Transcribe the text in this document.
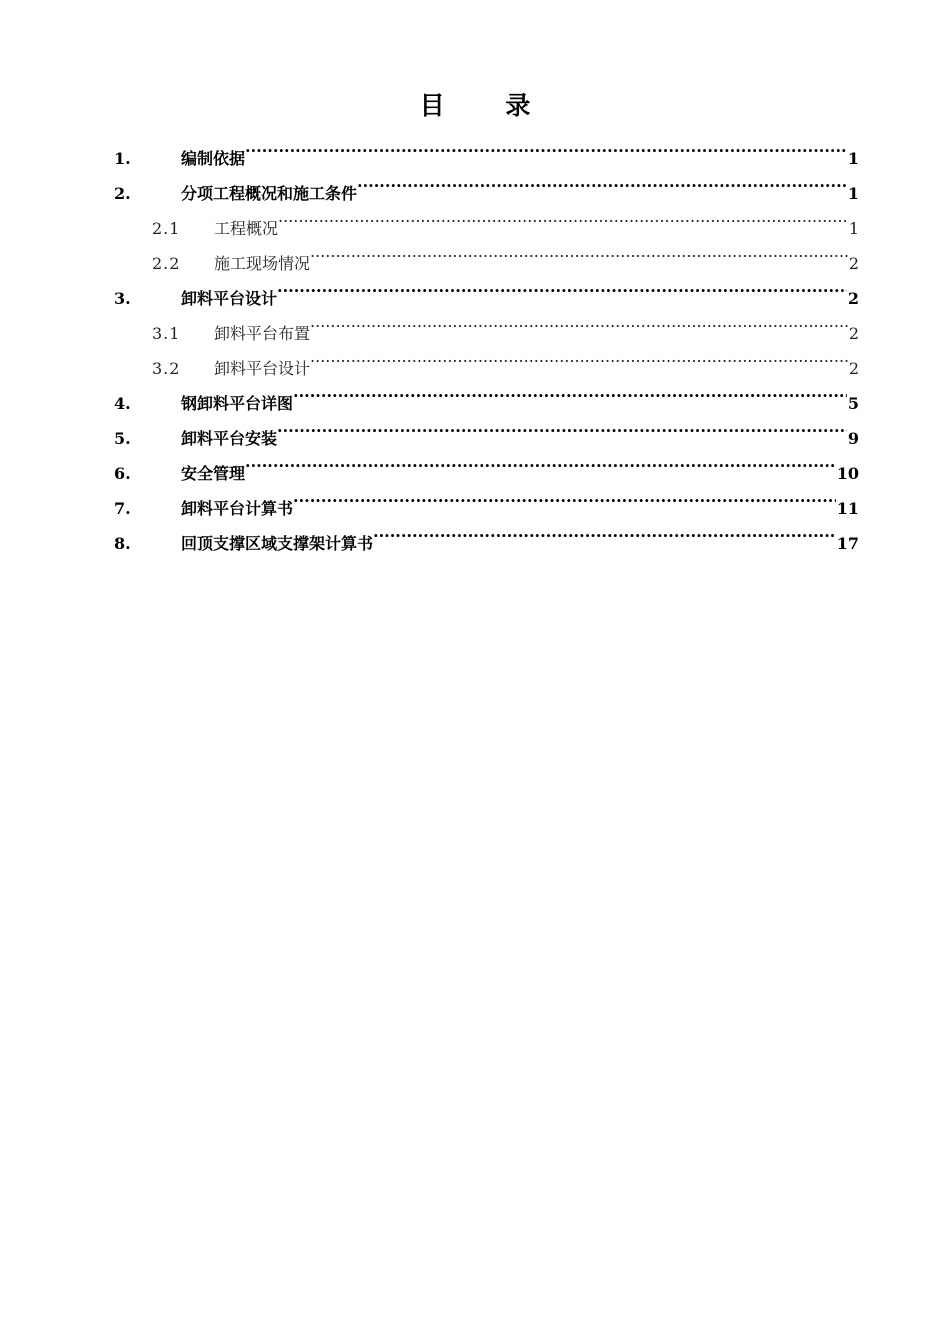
目 录
1.	编制依据 .....	1
2.	分项工程概况和施工条件 .....	1
2.1	工程概况 .....	1
2.2	施工现场情况 .....	2
3.	卸料平台设计 .....	2
3.1	卸料平台布置 .....	2
3.2	卸料平台设计 .....	2
4.	钢卸料平台详图 .....	5
5.	卸料平台安装 .....	9
6.	安全管理 .....	10
7.	卸料平台计算书 .....	11
8.	回顶支撑区域支撑架计算书 .....	17
